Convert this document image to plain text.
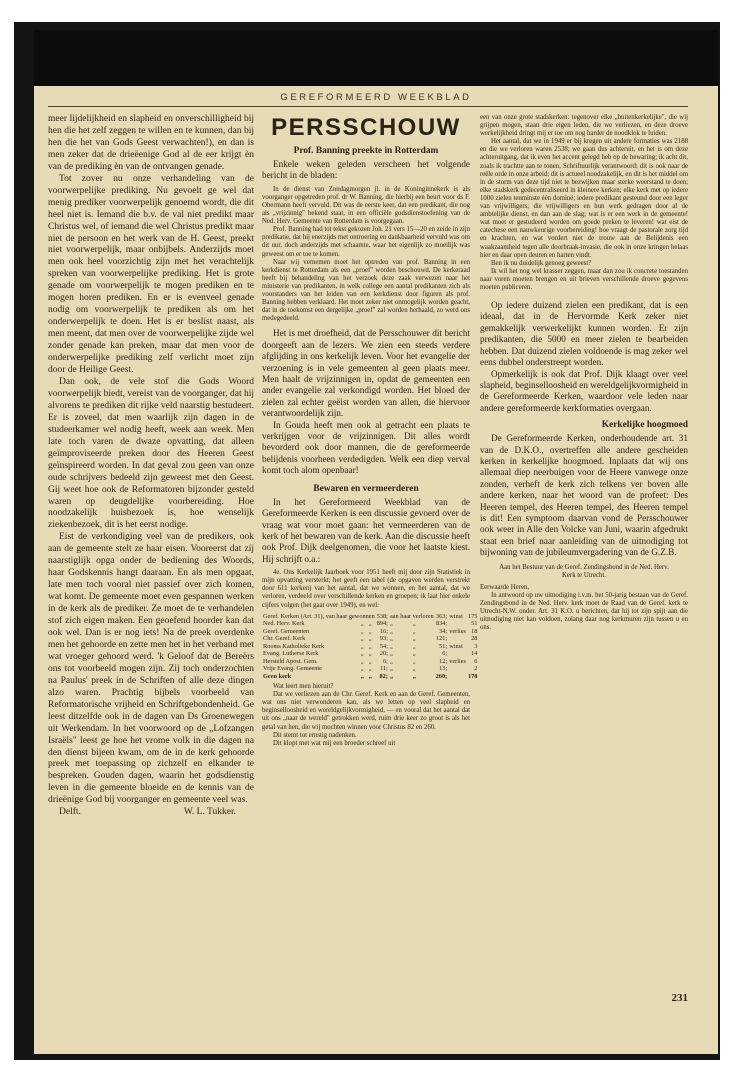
GEREFORMEERD WEEKBLAD

meer lijdelijkheid en slapheid en onverschilligheid bij hen die het zelf zeggen te willen en te kunnen, dan bij hen die het van Gods Geest verwachten!), en dan is men zeker dat de drieëenige God al de eer krijgt èn van de prediking èn van de ontvangen genade.

Tot zover nu onze verhandeling van de voorwerpelijke prediking. Nu gevoelt ge wel dat menig prediker voorwerpelijk genoemd wordt, die dit heel niet is. Iemand die b.v. de val niet predikt maar Christus wel, of iemand die wel Christus predikt maar niet de persoon en het werk van de H. Geest, preekt niet voorwerpelijk, maar onbijbels. Anderzijds moet men ook heel voorzichtig zijn met het verachtelijk spreken van voorwerpelijke prediking. Het is grote genade om voorwerpelijk te mogen prediken en te mogen horen prediken. En er is evenveel genade nodig om voorwerpelijk te prediken als om het onderwerpelijk te doen. Het is er beslist naast, als men meent, dat men over de voorwerpelijke zijde wel zonder genade kan preken, maar dat men voor de onderwerpelijke prediking zelf verlicht moet zijn door de Heilige Geest.

Dan ook, de vele stof die Gods Woord voorwerpelijk biedt, vereist van de voorganger, dat hij alvorens te prediken dit rijke veld naarstig bestudeert. Er is zoveel, dat men waarlijk zijn dagen in de studeerkamer wel nodig heeft, week aan week. Men late toch varen de dwaze opvatting, dat alleen geïmproviseerde preken door des Heeren Geest geïnspireerd worden. In dat geval zou geen van onze oude schrijvers bedeeld zijn geweest met den Geest. Gij weet hoe ook de Reformatoren bijzonder gesteld waren op deugdelijke voorbereiding. Hoe noodzakelijk huisbezoek is, hoe wenselijk ziekenbezoek, dit is het eerst nodige.

Eist de verkondiging veel van de predikers, ook aan de gemeente stelt ze haar eisen. Vooreerst dat zij naarstiglijk opga onder de bediening des Woords, haar Godskennis hangt daaraan. En als men opgaat, late men toch vooral niet passief over zich komen, wat komt. De gemeente moet even gespannen werken in de kerk als de prediker. Ze moet de te verhandelen stof zich eigen maken. Een geoefend hoorder kan dat ook wel. Dan is er nog iets! Na de preek overdenke men het gehoorde en zette men het in het verband met wat vroeger gehoord werd. 'k Geloof dat de Bereërs ons tot voorbeeld mogen zijn. Zij toch onderzochten na Paulus' preek in de Schriften of alle deze dingen alzo waren. Prachtig bijbels voorbeeld van Reformatorische vrijheid en Schriftgebondenheid. Ge leest ditzelfde ook in de dagen van Ds Groenewegen uit Werkendam. In het voorwoord op de „Lofzangen Israëls" leest ge hoe het vrome volk in die dagen na den dienst bijeen kwam, om de in de kerk gehoorde preek met toepassing op zichzelf en elkander te bespreken. Gouden dagen, waarin het godsdienstig leven in die gemeente bloeide en de kennis van de drieënige God bij voorganger en gemeente veel was.

Delft.	W. L. Tukker.
PERSSCHOUW
Prof. Banning preekte in Rotterdam

Enkele weken geleden verscheen het volgende bericht in de bladen:

In de dienst van Zondagmorgen jl. in de Koninginnekerk is als voorganger opgetreden prof. dr W. Banning, die hierbij een beurt voor ds F. Obermann heeft vervuld. Dit was de eerste keer, dat een predikant, die nog als „vrijzinnig" bekend staat, in een officiële godsdienstoefening van de Ned. Herv. Gemeente van Rotterdam is voorgegaan.

Prof. Banning had tot tekst gekozen Joh. 21 vers 15—20 en zeide in zijn predikatie, dat hij enerzijds met ontroering en dankbaarheid vervuld was om dit uur, doch anderzijds met schaamte, waar het eigenlijk zo moeilijk was geweest om er toe te komen.

Naar wij vernemen moet het optreden van prof. Banning in een kerkdienst te Rotterdam als een „proef" worden beschouwd. De kerkeraad heeft bij behandeling van het verzoek deze zaak verwezen naar het ministerie van predikanten, in welk college een aantal predikanten zich als voorstanders van het leiden van een kerkdienst door figuren als prof. Banning hebben verklaard. Het moet zeker niet onmogelijk worden geacht, dat in de toekomst een dergelijke „proef" zal worden herhaald, zo werd ons medegedeeld.

Het is met droefheid, dat de Persschouwer dit bericht doorgeeft aan de lezers. We zien een steeds verdere afglijding in ons kerkelijk leven. Voor het evangelie der verzoening is in vele gemeenten al geen plaats meer. Men haalt de vrijzinnigen in, opdat de gemeenten een ander evangelie zal verkondigd worden. Het bloed der zielen zal echter geëist worden van allen, die hiervoor verantwoordelijk zijn.

In Gouda heeft men ook al getracht een plaats te verkrijgen voor de vrijzinnigen. Dit alles wordt bevorderd ook door mannen, die de gereformeerde belijdenis voorheen verdedigden. Welk een diep verval komt toch alom openbaar!

Bewaren en vermeerderen

In het Gereformeerd Weekblad van de Gereformeerde Kerken is een discussie gevoerd over de vraag wat voor moet gaan: het vermeerderen van de kerk of het bewaren van de kerk. Aan die discussie heeft ook Prof. Dijk deelgenomen, die voor het laatste kiest. Hij schrijft o.a.:

4e. Ons Kerkelijk Jaarboek voor 1951 heeft mij door zijn Statistiek in mijn opvatting versterkt; het geeft een tabel (de opgaven werden verstrekt door 611 kerken) van het aantal, dat we wonnen, en het aantal, dat we verloren, verdeeld over verschillende kerken en groepen; ik laat hier enkele cijfers volgen (het gaat over 1949), en wel:

Geref. Kerken (Art. 31), van haar gewonnen			538;	aan haar verloren		363;	winst	175
Ned. Herv. Kerk	„	„	894;	„	„	834;		51
Geref. Gemeenten	„	„	16;	„	„	34;	verlies	18
Chr. Geref. Kerk	„	„	93;	„	„	121;		28
Rooms Katholieke Kerk	„	„	54;	„	„	51;	winst	3
Evang. Lutherse Kerk	„	„	20;	„	„	6;		14
Hersteld Apost. Gem.	„	„	6;	„	„	12;	verlies	6
Vrije Evang. Gemeente	„	„	11;	„	„	13;		2
Geen kerk	„	„	82;	„	„	260;		178

Wat leert men hieruit?

Dat we verliezen aan de Chr. Geref. Kerk en aan de Geref. Gemeenten, wat ons niet verwonderen kan, als we letten op veel slapheid en beginselloosheid en wereldgelijkvormigheid, — en vooral dat het aantal dat uit ons „naar de wereld" getrokken werd, ruim drie keer zo groot is als het getal van hen, die wij mochten winnen voor Christus 82 en 260.

Dit stemt tot ernstig nadenken.

Dit klopt met wat mij een broeder schreef uit

een van onze grote stadskerken: tegenover elke „buitenkerkelijke", die wij grijpen mogen, staan drie eigen leden, die we verliezen, en deze droeve werkelijkheid dringt mij er toe om nog harder de noodklok te luiden.

Het aantal, dat we in 1949 er bij kregen uit andere formaties was 2188 en die we verloren waren 2538; we gaan dus achteruit, en het is om deze achteruitgang, dat ik even het accent gelegd heb op de bewaring; ik acht dit, zoals ik trachtte aan te tonen, Schriftuurlijk verantwoord; dit is ook naar de reële orde in onze arbeid; dit is actueel noodzakelijk, en dit is het middel om in de storm van deze tijd niet te bezwijken maar sterke weerstand te doen; elke stadskerk gedecentraliseerd in kleinere kerken; elke kerk met op iedere 1000 zielen tenminste één dominé; iedere predikant gesteund door een leger van vrijwilligers; die vrijwilligers en hun werk gedragen door al de ambtelijke dienst, en dan aan de slag; wat is er een werk in de gemeente! wat moet er gestudeerd worden om goede preken te leveren! wat eist de catechese een nauwkeurige voorbereiding! hoe vraagt de pastorale zorg tijd en krachten, en wat vordert niet de trouw aan de Belijdenis een waakzaamheid tegen alle doorbraak-invasie, die ook in onze kringen helaas hier en daar open deuren en harten vindt.

Ben ik nu duidelijk genoeg geweest?

Ik wil het nog wel krasser zeggen, maar dan zou ik concrete toestanden naar voren moeten brengen en uit brieven verschillende droeve gegevens moeten publiceren.

Op iedere duizend zielen een predikant, dat is een ideaal, dat in de Hervormde Kerk zeker niet gemakkelijk verwerkelijkt kunnen worden. Er zijn predikanten, die 5000 en meer zielen te bearbeiden hebben. Dat duizend zielen voldoende is mag zeker wel eens dubbel onderstreept worden.

Opmerkelijk is ook dat Prof. Dijk klaagt over veel slapheid, beginselloosheid en wereldgelijkvormigheid in de Gereformeerde Kerken, waardoor vele leden naar andere gereformeerde kerkformaties overgaan.

Kerkelijke hoogmoed

De Gereformeerde Kerken, onderhoudende art. 31 van de D.K.O., overtreffen alle andere gescheiden kerken in kerkelijke hoogmoed. Inplaats dat wij ons allemaal diep neerbuigen voor de Heere vanwege onze zonden, verheft de kerk zich telkens ver boven alle andere kerken, naar het woord van de profeet: Des Heeren tempel, des Heeren tempel, des Heeren tempel is dit! Een symptoom daarvan vond de Persschouwer ook weer in Alle den Volcke van Juni, waarin afgedrukt staat een brief naar aanleiding van de uitnodiging tot bijwoning van de jubileumvergadering van de G.Z.B.

Aan het Bestuur van de Geref. Zendingsbond in de Ned. Herv. Kerk te Utrecht.

Eerwaarde Heren,

In antwoord op uw uitnodiging i.v.m. het 50-jarig bestaan van de Geref. Zendingsbond in de Ned. Herv. kerk moet de Raad van de Geref. kerk te Utrecht-N.W. onder. Art. 31 K.O. u berichten, dat hij tot zijn spijt aan die uitnodiging niet kan voldoen, zolang daar nog kerkmuren zijn tussen u en ons.

231
